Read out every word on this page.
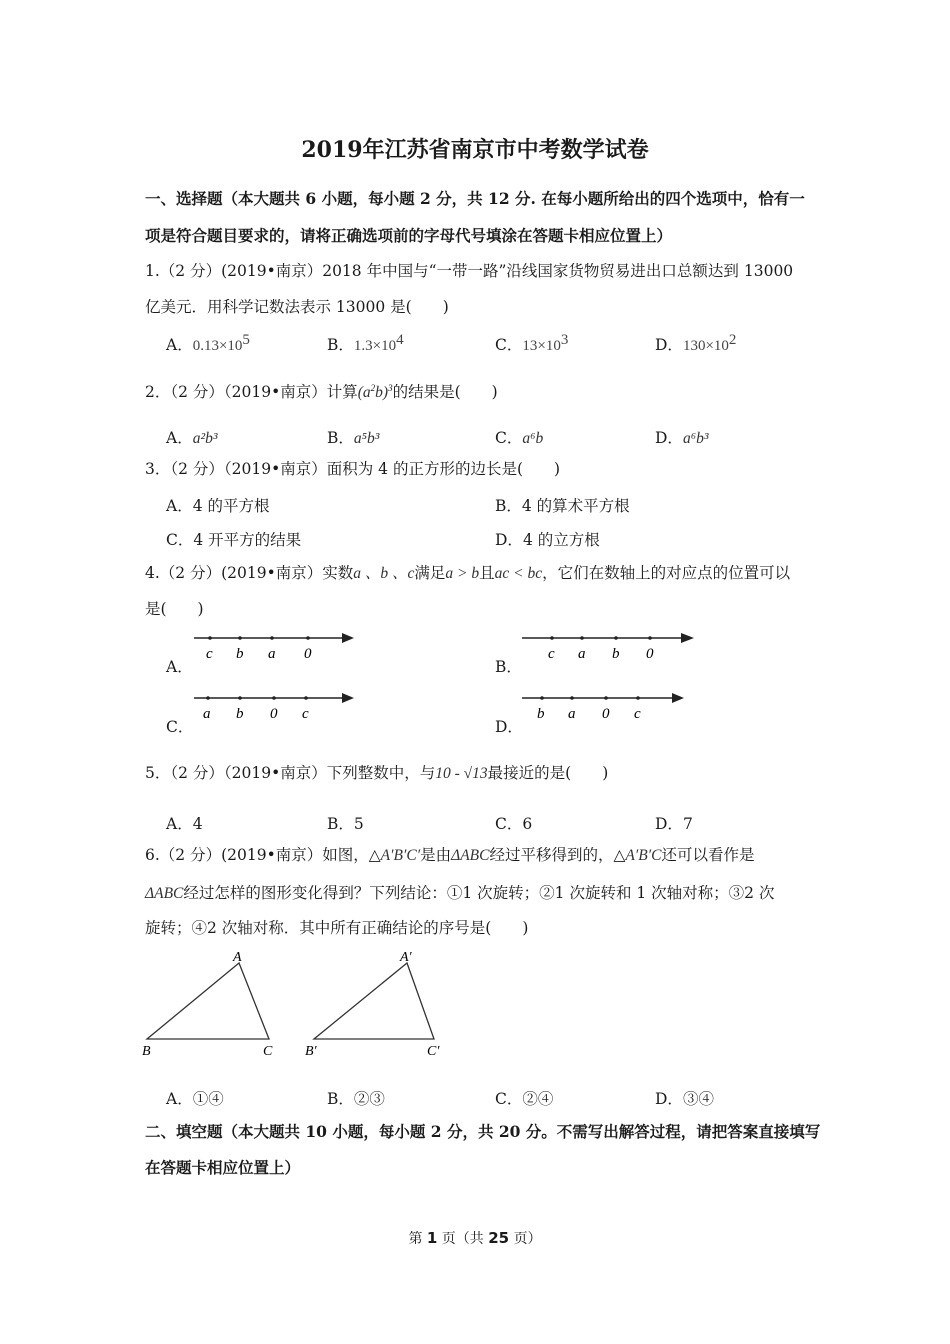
2019年江苏省南京市中考数学试卷
一、选择题（本大题共 6 小题，每小题 2 分，共 12 分. 在每小题所给出的四个选项中，恰有一
项是符合题目要求的，请将正确选项前的字母代号填涂在答题卡相应位置上）
1.（2 分）(2019•南京）2018 年中国与“一带一路”沿线国家货物贸易进出口总额达到 13000
亿美元．用科学记数法表示 13000 是(　　)
A．$0.13\times 10^5$	B．$1.3\times 10^4$	C．$13\times 10^3$	D．$130\times 10^2$
2．（2 分）（2019•南京）计算$(a^2b)^3$的结果是(　　)
A．a²b³	B．a⁵b³	C．a⁶b	D．a⁶b³
3．（2 分）（2019•南京）面积为 4 的正方形的边长是(　　)
A．4 的平方根	B．4 的算术平方根
C．4 开平方的结果	D．4 的立方根
4.（2 分）(2019•南京）实数a 、b 、c满足a > b且ac < bc，它们在数轴上的对应点的位置可以
是(　　)
A．	B．
C．	D．
c b a 0	c a b 0
a b 0 c	b a 0 c
5．（2 分）（2019•南京）下列整数中，与10 - √13最接近的是(　　)
A．4	B．5	C．6	D．7
6.（2 分）(2019•南京）如图，△A′B′C′是由ΔABC经过平移得到的，△A′B′C还可以看作是
ΔABC经过怎样的图形变化得到？下列结论：①1 次旋转；②1 次旋转和 1 次轴对称；③2 次
旋转；④2 次轴对称．其中所有正确结论的序号是(　　)
A
B	C
A′
B′	C′
A．①④	B．②③	C．②④	D．③④
二、填空题（本大题共 10 小题，每小题 2 分，共 20 分。不需写出解答过程，请把答案直接填写
在答题卡相应位置上）
第 1 页（共 25 页）
